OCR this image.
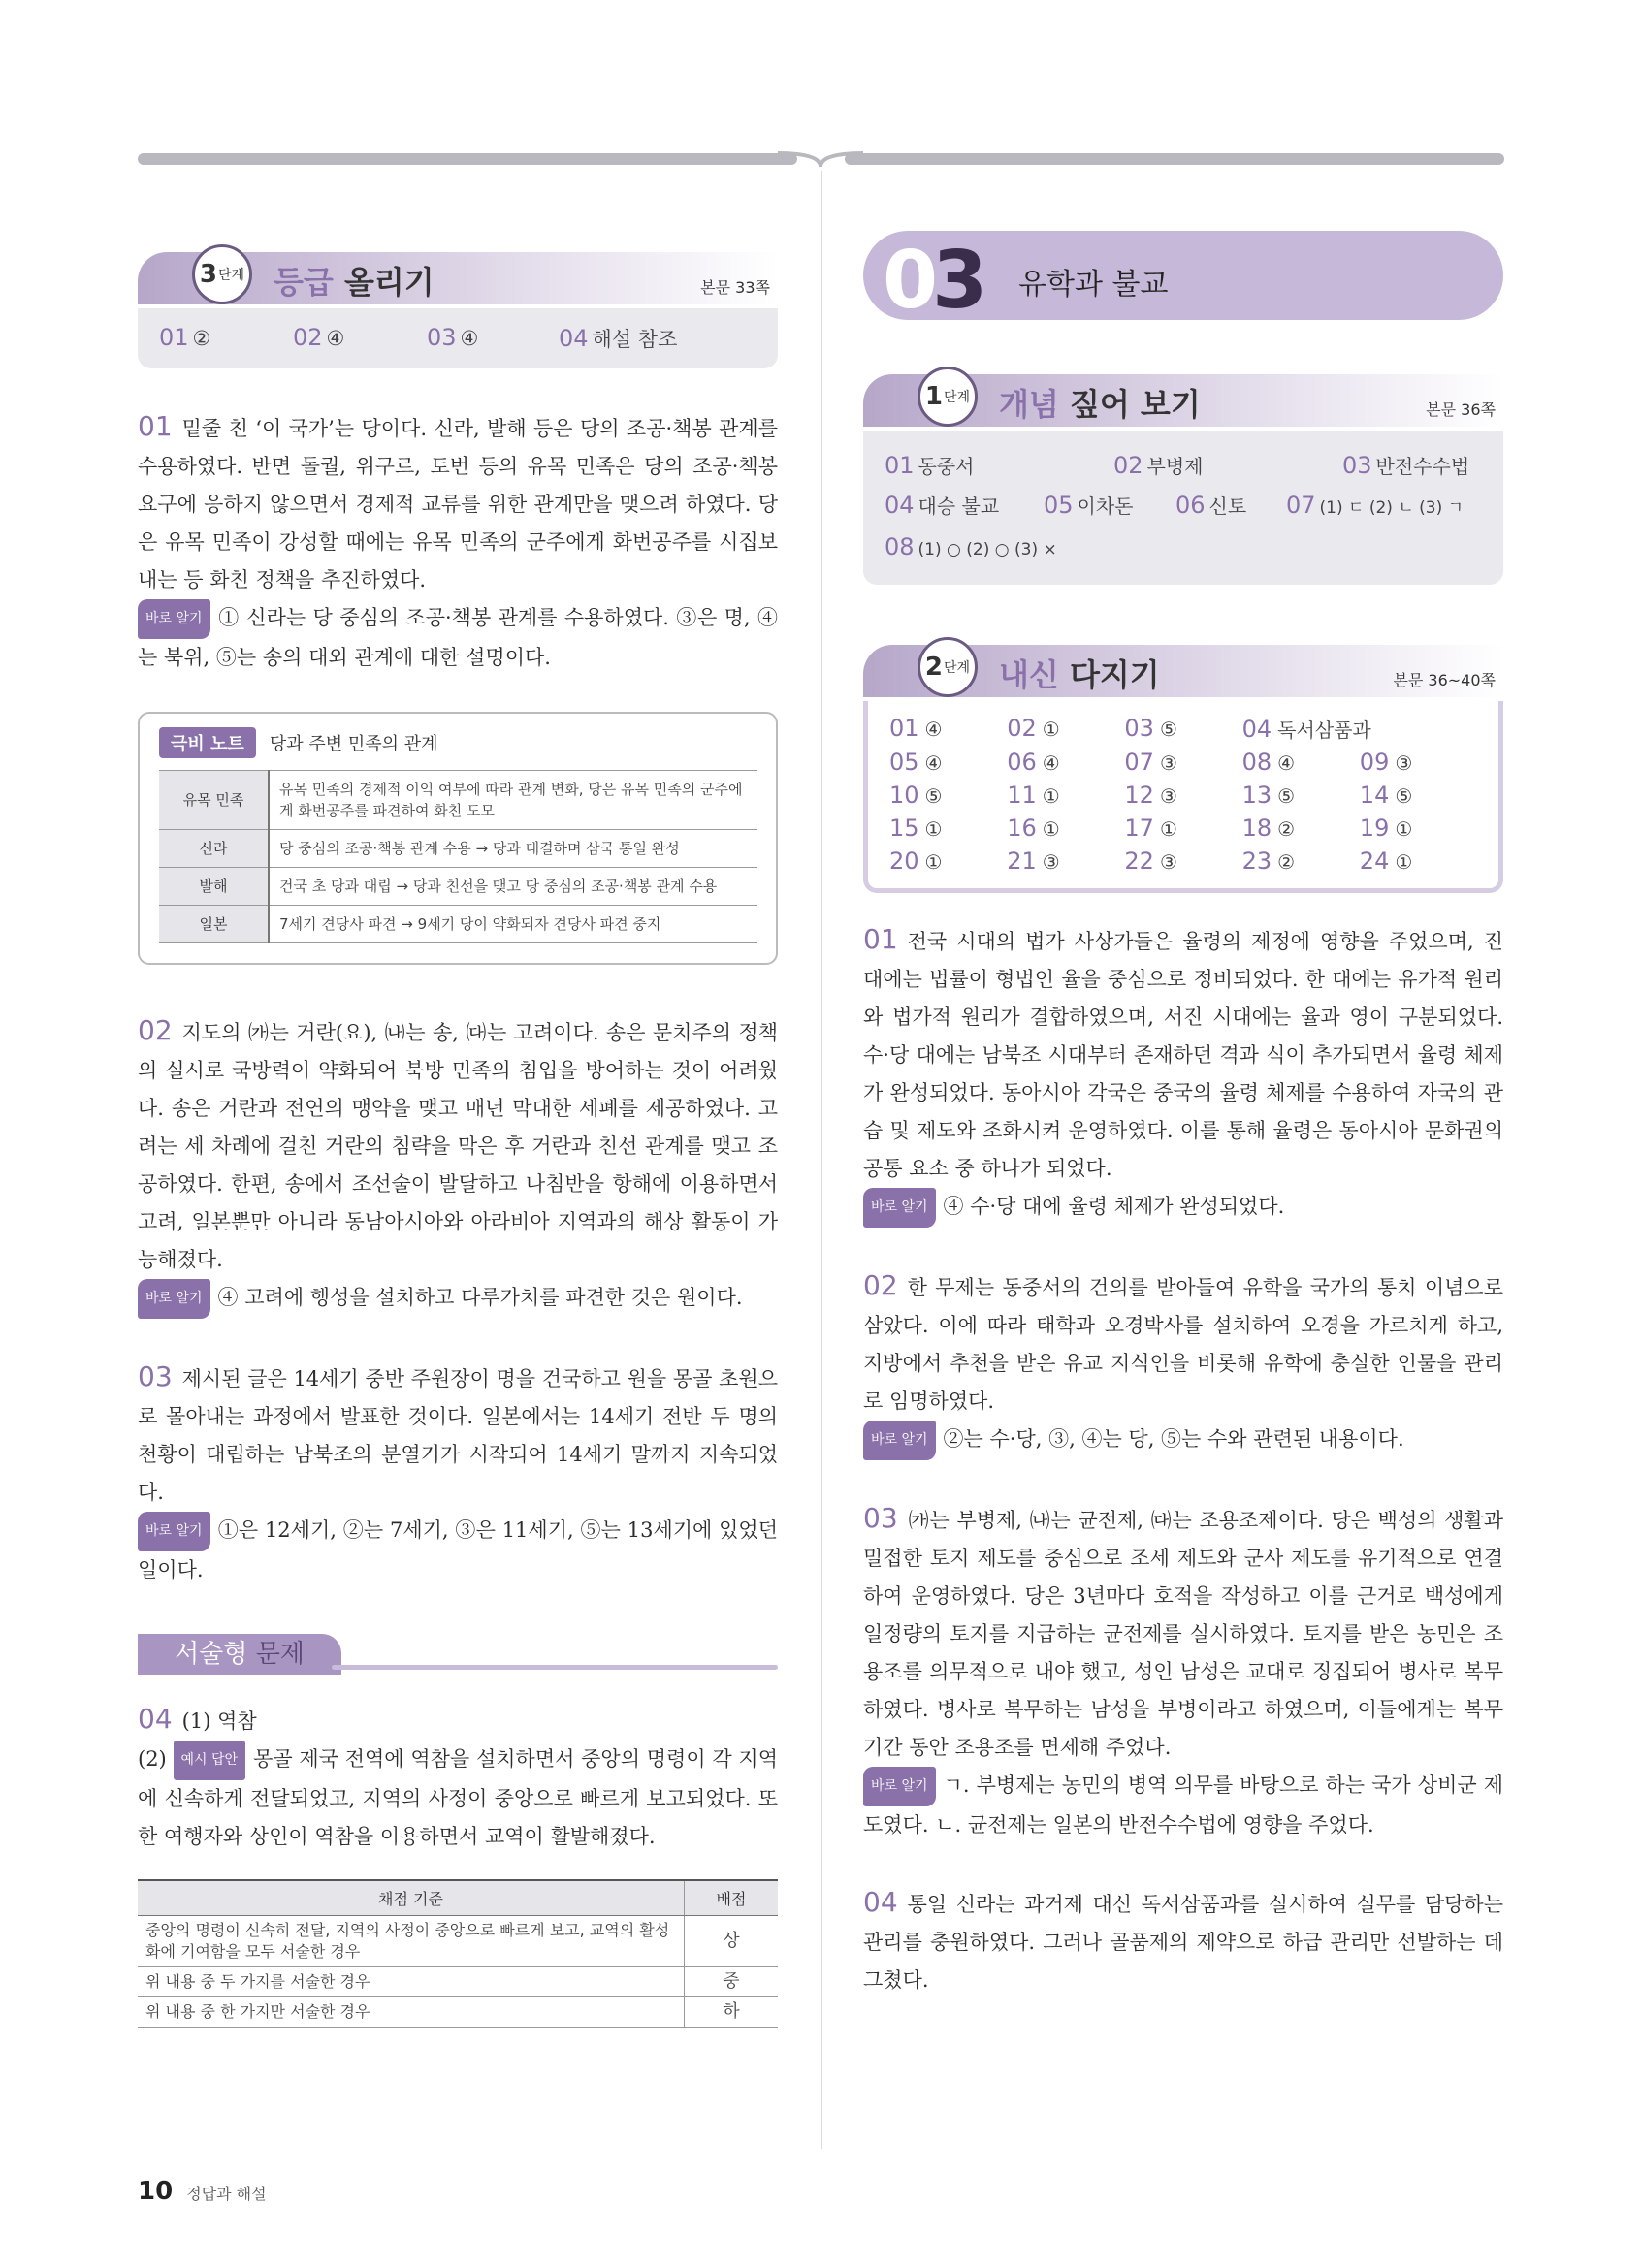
3 단계 등급 올리기	본문 33쪽
01 ②	02 ④	03 ④	04 해설 참조

01 밑줄 친 ‘이 국가’는 당이다. 신라, 발해 등은 당의 조공·책봉 관계를 수용하였다. 반면 돌궐, 위구르, 토번 등의 유목 민족은 당의 조공·책봉 요구에 응하지 않으면서 경제적 교류를 위한 관계만을 맺으려 하였다. 당은 유목 민족이 강성할 때에는 유목 민족의 군주에게 화번공주를 시집보내는 등 화친 정책을 추진하였다.

바로 알기 ① 신라는 당 중심의 조공·책봉 관계를 수용하였다. ③은 명, ④는 북위, ⑤는 송의 대외 관계에 대한 설명이다.

극비 노트	당과 주변 민족의 관계
유목 민족	유목 민족의 경제적 이익 여부에 따라 관계 변화, 당은 유목 민족의 군주에게 화번공주를 파견하여 화친 도모
신라	당 중심의 조공·책봉 관계 수용 → 당과 대결하며 삼국 통일 완성
발해	건국 초 당과 대립 → 당과 친선을 맺고 당 중심의 조공·책봉 관계 수용
일본	7세기 견당사 파견 → 9세기 당이 약화되자 견당사 파견 중지

02 지도의 ㈎는 거란(요), ㈏는 송, ㈐는 고려이다. 송은 문치주의 정책의 실시로 국방력이 약화되어 북방 민족의 침입을 방어하는 것이 어려웠다. 송은 거란과 전연의 맹약을 맺고 매년 막대한 세폐를 제공하였다. 고려는 세 차례에 걸친 거란의 침략을 막은 후 거란과 친선 관계를 맺고 조공하였다. 한편, 송에서 조선술이 발달하고 나침반을 항해에 이용하면서 고려, 일본뿐만 아니라 동남아시아와 아라비아 지역과의 해상 활동이 가능해졌다.

바로 알기 ④ 고려에 행성을 설치하고 다루가치를 파견한 것은 원이다.

03 제시된 글은 14세기 중반 주원장이 명을 건국하고 원을 몽골 초원으로 몰아내는 과정에서 발표한 것이다. 일본에서는 14세기 전반 두 명의 천황이 대립하는 남북조의 분열기가 시작되어 14세기 말까지 지속되었다.

바로 알기 ①은 12세기, ②는 7세기, ③은 11세기, ⑤는 13세기에 있었던 일이다.

서술형 문제

04 (1) 역참

(2) 예시 답안 몽골 제국 전역에 역참을 설치하면서 중앙의 명령이 각 지역에 신속하게 전달되었고, 지역의 사정이 중앙으로 빠르게 보고되었다. 또한 여행자와 상인이 역참을 이용하면서 교역이 활발해졌다.

채점 기준	배점
중앙의 명령이 신속히 전달, 지역의 사정이 중앙으로 빠르게 보고, 교역의 활성화에 기여함을 모두 서술한 경우	상
위 내용 중 두 가지를 서술한 경우	중
위 내용 중 한 가지만 서술한 경우	하
10 정답과 해설
03 유학과 불교
1 단계 개념 짚어 보기	본문 36쪽
01 동중서	02 부병제	03 반전수수법
04 대승 불교	05 이차돈	06 신토	07 (1) ㄷ (2) ㄴ (3) ㄱ
08 (1) ○ (2) ○ (3) ×
2 단계 내신 다지기	본문 36~40쪽
01 ④	02 ①	03 ⑤	04 독서삼품과
05 ④	06 ④	07 ③	08 ④	09 ③
10 ⑤	11 ①	12 ③	13 ⑤	14 ⑤
15 ①	16 ①	17 ①	18 ②	19 ①
20 ①	21 ③	22 ③	23 ②	24 ①

01 전국 시대의 법가 사상가들은 율령의 제정에 영향을 주었으며, 진 대에는 법률이 형법인 율을 중심으로 정비되었다. 한 대에는 유가적 원리와 법가적 원리가 결합하였으며, 서진 시대에는 율과 영이 구분되었다. 수·당 대에는 남북조 시대부터 존재하던 격과 식이 추가되면서 율령 체제가 완성되었다. 동아시아 각국은 중국의 율령 체제를 수용하여 자국의 관습 및 제도와 조화시켜 운영하였다. 이를 통해 율령은 동아시아 문화권의 공통 요소 중 하나가 되었다.

바로 알기 ④ 수·당 대에 율령 체제가 완성되었다.

02 한 무제는 동중서의 건의를 받아들여 유학을 국가의 통치 이념으로 삼았다. 이에 따라 태학과 오경박사를 설치하여 오경을 가르치게 하고, 지방에서 추천을 받은 유교 지식인을 비롯해 유학에 충실한 인물을 관리로 임명하였다.

바로 알기 ②는 수·당, ③, ④는 당, ⑤는 수와 관련된 내용이다.

03 ㈎는 부병제, ㈏는 균전제, ㈐는 조용조제이다. 당은 백성의 생활과 밀접한 토지 제도를 중심으로 조세 제도와 군사 제도를 유기적으로 연결하여 운영하였다. 당은 3년마다 호적을 작성하고 이를 근거로 백성에게 일정량의 토지를 지급하는 균전제를 실시하였다. 토지를 받은 농민은 조용조를 의무적으로 내야 했고, 성인 남성은 교대로 징집되어 병사로 복무하였다. 병사로 복무하는 남성을 부병이라고 하였으며, 이들에게는 복무 기간 동안 조용조를 면제해 주었다.

바로 알기 ㄱ. 부병제는 농민의 병역 의무를 바탕으로 하는 국가 상비군 제도였다. ㄴ. 균전제는 일본의 반전수수법에 영향을 주었다.

04 통일 신라는 과거제 대신 독서삼품과를 실시하여 실무를 담당하는 관리를 충원하였다. 그러나 골품제의 제약으로 하급 관리만 선발하는 데 그쳤다.
